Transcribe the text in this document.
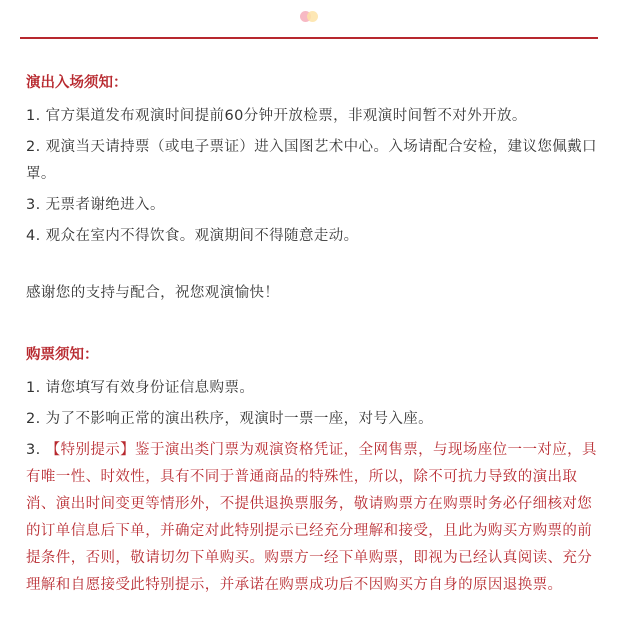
演出入场须知：
1. 官方渠道发布观演时间提前60分钟开放检票，非观演时间暂不对外开放。
2. 观演当天请持票（或电子票证）进入国图艺术中心。入场请配合安检，建议您佩戴口罩。
3. 无票者谢绝进入。
4. 观众在室内不得饮食。观演期间不得随意走动。
感谢您的支持与配合，祝您观演愉快！
购票须知：
1. 请您填写有效身份证信息购票。
2. 为了不影响正常的演出秩序，观演时一票一座，对号入座。
3. 【特别提示】鉴于演出类门票为观演资格凭证，全网售票，与现场座位一一对应，具有唯一性、时效性，具有不同于普通商品的特殊性，所以，除不可抗力导致的演出取消、演出时间变更等情形外，不提供退换票服务，敬请购票方在购票时务必仔细核对您的订单信息后下单，并确定对此特别提示已经充分理解和接受，且此为购买方购票的前提条件，否则，敬请切勿下单购买。购票方一经下单购票，即视为已经认真阅读、充分理解和自愿接受此特别提示，并承诺在购票成功后不因购买方自身的原因退换票。
